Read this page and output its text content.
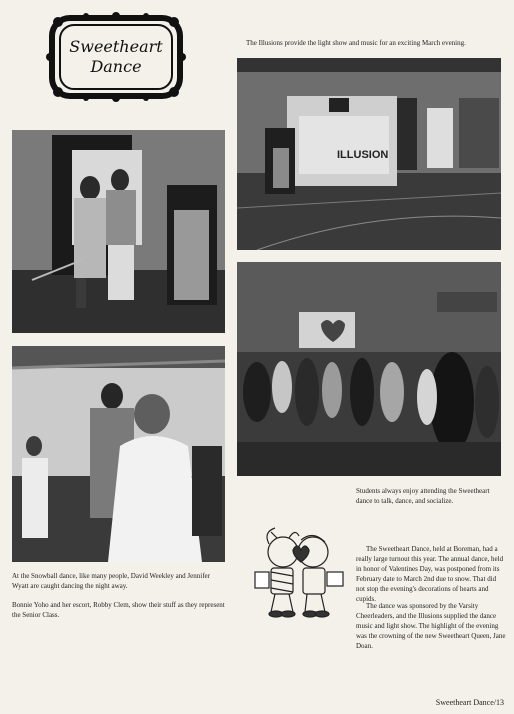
Sweetheart
Dance
The Illusions provide the light show and music for an exciting March evening.
ILLUSION
Students always enjoy attending the Sweetheart dance to talk, dance, and socialize.
The Sweetheart Dance, held at Boreman, had a really large turnout this year. The annual dance, held in honor of Valentines Day, was postponed from its February date to March 2nd due to snow. That did not stop the evening's decorations of hearts and cupids.
The dance was sponsored by the Varsity Cheerleaders, and the Illusions supplied the dance music and light show. The highlight of the evening was the crowning of the new Sweetheart Queen, Jane Doan.
At the Snowball dance, like many people, David Weekley and Jennifer Wyatt are caught dancing the night away.
Bonnie Yoho and her escort, Robby Clem, show their stuff as they represent the Senior Class.
Sweetheart Dance/13
